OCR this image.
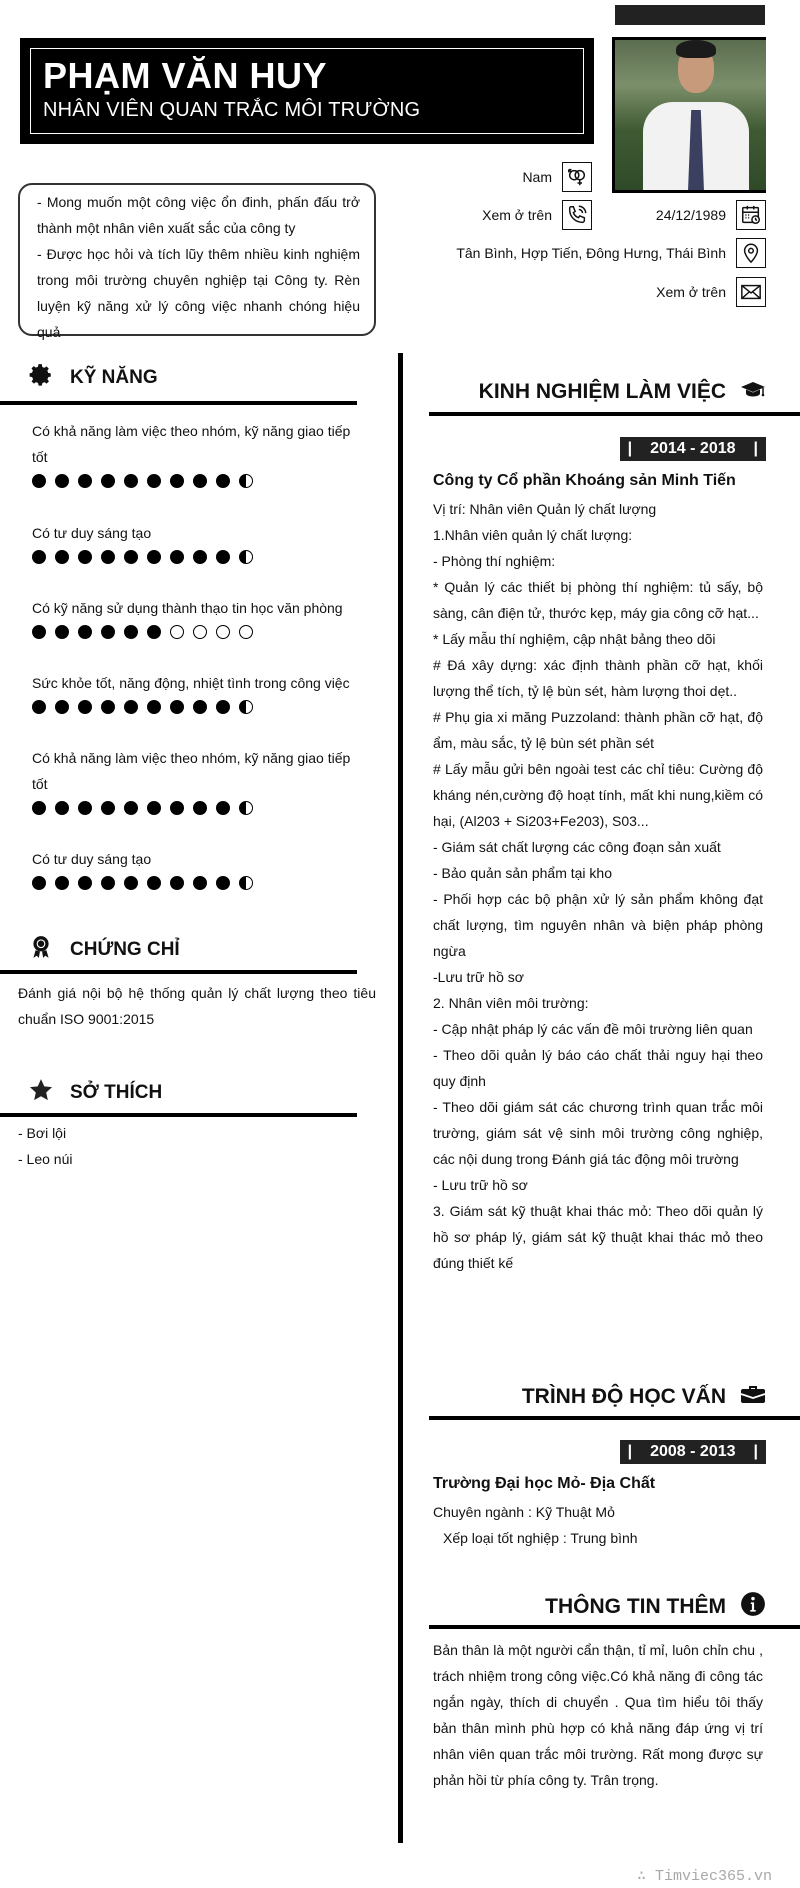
PHẠM VĂN HUY
NHÂN VIÊN QUAN TRẮC MÔI TRƯỜNG

- Mong muốn một công việc ổn đinh, phấn đấu trở thành một nhân viên xuất sắc của công ty

- Được học hỏi và tích lũy thêm nhiều kinh nghiệm trong môi trường chuyên nghiệp tại Công ty. Rèn luyện kỹ năng xử lý công việc nhanh chóng hiệu quả

Nam
Xem ở trên	24/12/1989
Tân Bình, Hợp Tiến, Đông Hưng, Thái Bình
Xem ở trên
KỸ NĂNG
Có khả năng làm việc theo nhóm, kỹ năng giao tiếp tốt
Có tư duy sáng tạo
Có kỹ năng sử dụng thành thạo tin học văn phòng
Sức khỏe tốt, năng động, nhiệt tình trong công việc
Có khả năng làm việc theo nhóm, kỹ năng giao tiếp tốt
Có tư duy sáng tạo
CHỨNG CHỈ
Đánh giá nội bộ hệ thống quản lý chất lượng theo tiêu chuẩn ISO 9001:2015
SỞ THÍCH
- Bơi lội
- Leo núi
KINH NGHIỆM LÀM VIỆC
| 2014 - 2018 |
Công ty Cổ phần Khoáng sản Minh Tiến

Vị trí: Nhân viên Quản lý chất lượng

1.Nhân viên quản lý chất lượng:

- Phòng thí nghiệm:

* Quản lý các thiết bị phòng thí nghiệm: tủ sấy, bộ sàng, cân điện tử, thước kẹp, máy gia công cỡ hạt...

* Lấy mẫu thí nghiệm, cập nhật bảng theo dõi

# Đá xây dựng: xác định thành phần cỡ hạt, khối lượng thể tích, tỷ lệ bùn sét, hàm lượng thoi dẹt..

# Phụ gia xi măng Puzzoland: thành phần cỡ hạt, độ ẩm, màu sắc, tỷ lệ bùn sét phần sét

# Lấy mẫu gửi bên ngoài test các chỉ tiêu: Cường độ kháng nén,cường độ hoạt tính, mất khi nung,kiềm có hại, (Al203 + Si203+Fe203), S03...

- Giám sát chất lượng các công đoạn sản xuất

- Bảo quản sản phẩm tại kho

- Phối hợp các bộ phận xử lý sản phẩm không đạt chất lượng, tìm nguyên nhân và biện pháp phòng ngừa

-Lưu trữ hồ sơ

2. Nhân viên môi trường:

- Cập nhật pháp lý các vấn đề môi trường liên quan

- Theo dõi quản lý báo cáo chất thải nguy hại theo quy định

- Theo dõi giám sát các chương trình quan trắc môi trường, giám sát vệ sinh môi trường công nghiệp, các nội dung trong Đánh giá tác động môi trường

- Lưu trữ hồ sơ

3. Giám sát kỹ thuật khai thác mỏ: Theo dõi quản lý hồ sơ pháp lý, giám sát kỹ thuật khai thác mỏ theo đúng thiết kế

TRÌNH ĐỘ HỌC VẤN
| 2008 - 2013 |
Trường Đại học Mỏ- Địa Chất

Chuyên ngành : Kỹ Thuật Mỏ

Xếp loại tốt nghiệp : Trung bình

THÔNG TIN THÊM
Bản thân là một người cẩn thận, tỉ mỉ, luôn chỉn chu , trách nhiệm trong công việc.Có khả năng đi công tác ngắn ngày, thích di chuyển . Qua tìm hiểu tôi thấy bản thân mình phù hợp có khả năng đáp ứng vị trí nhân viên quan trắc môi trường. Rất mong được sự phản hồi từ phía công ty. Trân trọng.
∴ Timviec365.vn
